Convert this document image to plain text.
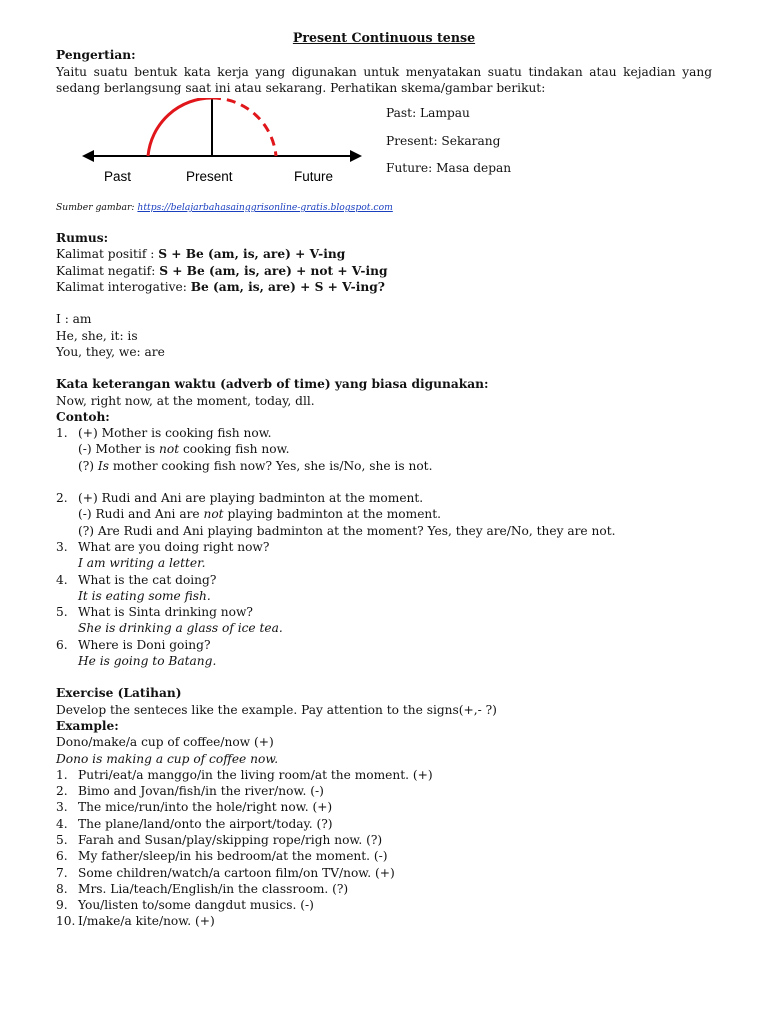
Present Continuous tense
Pengertian:
Yaitu suatu bentuk kata kerja yang digunakan untuk menyatakan suatu tindakan atau kejadian yang sedang berlangsung saat ini atau sekarang. Perhatikan skema/gambar berikut:
Past	Present	Future
Past: Lampau
Present: Sekarang
Future: Masa depan
Sumber gambar: https://belajarbahasainggrisonline-gratis.blogspot.com
Rumus:
Kalimat positif : S + Be (am, is, are) + V-ing
Kalimat negatif: S + Be (am, is, are) + not + V-ing
Kalimat interogative: Be (am, is, are) + S + V-ing?
I : am
He, she, it: is
You, they, we: are
Kata keterangan waktu (adverb of time) yang biasa digunakan:
Now, right now, at the moment, today, dll.
Contoh:
1. (+) Mother is cooking fish now.
(-) Mother is not cooking fish now.
(?) Is mother cooking fish now? Yes, she is/No, she is not.
2. (+) Rudi and Ani are playing badminton at the moment.
(-) Rudi and Ani are not playing badminton at the moment.
(?) Are Rudi and Ani playing badminton at the moment? Yes, they are/No, they are not.
3. What are you doing right now?
I am writing a letter.
4. What is the cat doing?
It is eating some fish.
5. What is Sinta drinking now?
She is drinking a glass of ice tea.
6. Where is Doni going?
He is going to Batang.
Exercise (Latihan)
Develop the senteces like the example. Pay attention to the signs(+,- ?)
Example:
Dono/make/a cup of coffee/now (+)
Dono is making a cup of coffee now.
1. Putri/eat/a manggo/in the living room/at the moment. (+)
2. Bimo and Jovan/fish/in the river/now. (-)
3. The mice/run/into the hole/right now. (+)
4. The plane/land/onto the airport/today. (?)
5. Farah and Susan/play/skipping rope/righ now. (?)
6. My father/sleep/in his bedroom/at the moment. (-)
7. Some children/watch/a cartoon film/on TV/now. (+)
8. Mrs. Lia/teach/English/in the classroom. (?)
9. You/listen to/some dangdut musics. (-)
10. I/make/a kite/now. (+)
